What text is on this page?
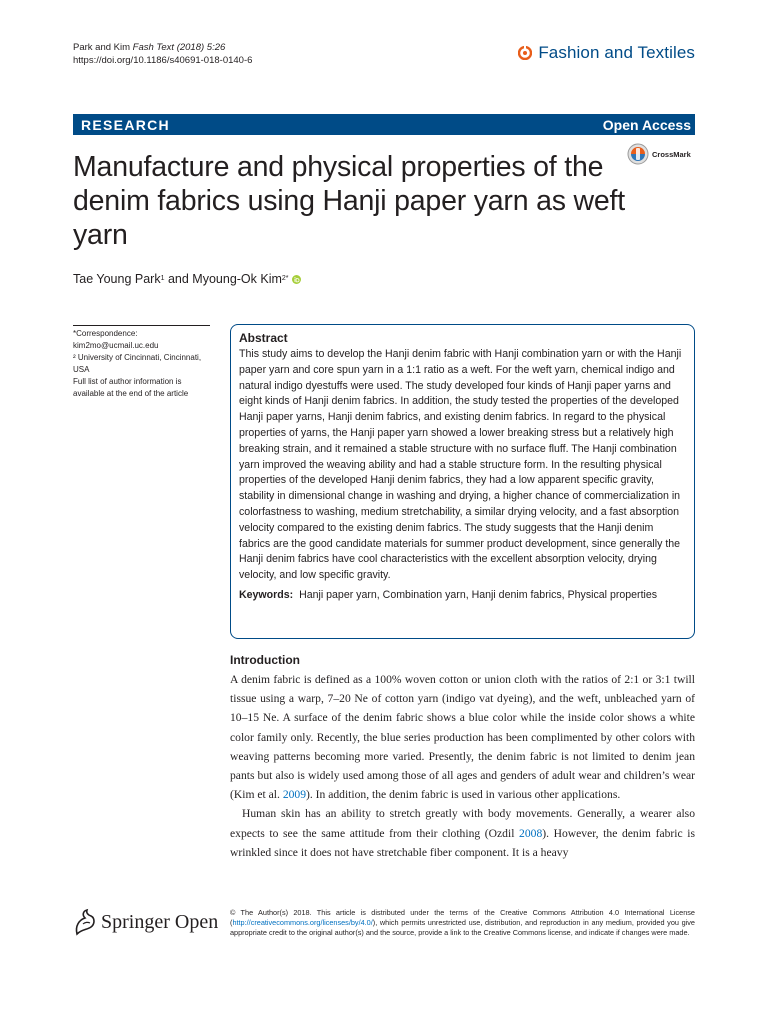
Park and Kim Fash Text (2018) 5:26
https://doi.org/10.1186/s40691-018-0140-6	Fashion and Textiles
RESEARCH	Open Access
CrossMark
Manufacture and physical properties of the denim fabrics using Hanji paper yarn as weft yarn
Tae Young Park 1 and Myoung-Ok Kim 2*
*Correspondence:
kim2mo@ucmail.uc.edu
² University of Cincinnati, Cincinnati, USA
Full list of author information is available at the end of the article
Abstract

This study aims to develop the Hanji denim fabric with Hanji combination yarn or with the Hanji paper yarn and core spun yarn in a 1:1 ratio as a weft. For the weft yarn, chemical indigo and natural indigo dyestuffs were used. The study developed four kinds of Hanji paper yarns and eight kinds of Hanji denim fabrics. In addition, the study tested the properties of the developed Hanji paper yarns, Hanji denim fabrics, and existing denim fabrics. In regard to the physical properties of yarns, the Hanji paper yarn showed a lower breaking stress but a relatively high breaking strain, and it remained a stable structure with no surface fluff. The Hanji combination yarn improved the weaving ability and had a stable structure form. In the resulting physical properties of the developed Hanji denim fabrics, they had a low apparent specific gravity, stability in dimensional change in washing and drying, a higher chance of commercialization in colorfastness to washing, medium stretchability, a similar drying velocity, and a fast absorption velocity compared to the existing denim fabrics. The study suggests that the Hanji denim fabrics are the good candidate materials for summer product development, since generally the Hanji denim fabrics have cool characteristics with the excellent absorption velocity, drying velocity, and low specific gravity.

Keywords: Hanji paper yarn, Combination yarn, Hanji denim fabrics, Physical properties
Introduction

A denim fabric is defined as a 100% woven cotton or union cloth with the ratios of 2:1 or 3:1 twill tissue using a warp, 7–20 Ne of cotton yarn (indigo vat dyeing), and the weft, unbleached yarn of 10–15 Ne. A surface of the denim fabric shows a blue color while the inside color shows a white color family only. Recently, the blue series production has been complimented by other colors with weaving patterns becoming more varied. Presently, the denim fabric is not limited to denim jean pants but also is widely used among those of all ages and genders of adult wear and children’s wear (Kim et al. 2009). In addition, the denim fabric is used in various other applications.

Human skin has an ability to stretch greatly with body movements. Generally, a wearer also expects to see the same attitude from their clothing (Ozdil 2008). However, the denim fabric is wrinkled since it does not have stretchable fiber component. It is a heavy

Springer Open © The Author(s) 2018. This article is distributed under the terms of the Creative Commons Attribution 4.0 International License (http://creativecommons.org/licenses/by/4.0/), which permits unrestricted use, distribution, and reproduction in any medium, provided you give appropriate credit to the original author(s) and the source, provide a link to the Creative Commons license, and indicate if changes were made.
